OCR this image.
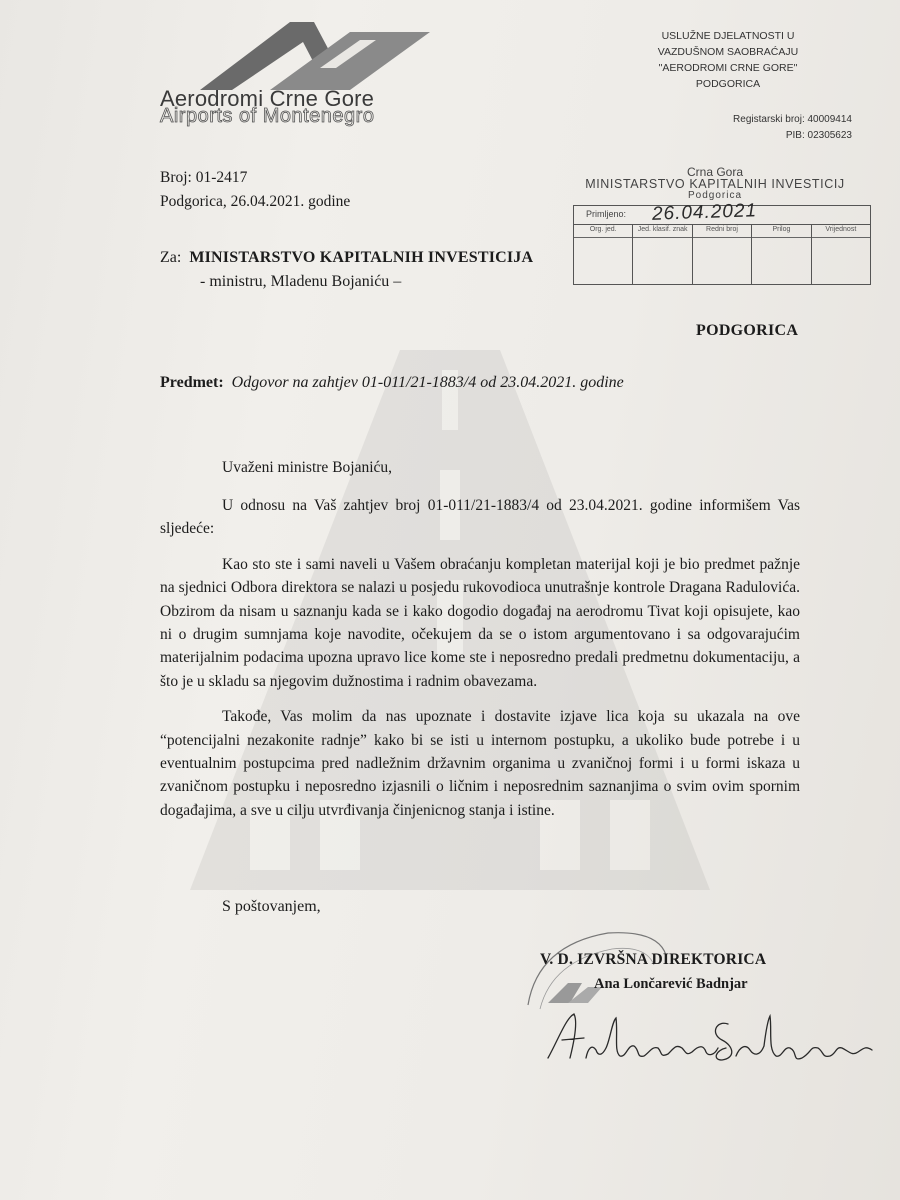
Aerodromi Crne Gore
Airports of Montenegro
USLUŽNE DJELATNOSTI U
VAZDUŠNOM SAOBRAĆAJU
"AERODROMI CRNE GORE"
PODGORICA
Registarski broj: 40009414
PIB: 02305623
Broj: 01-2417
Podgorica, 26.04.2021. godine
Crna Gora
MINISTARSTVO KAPITALNIH INVESTICIJ
Podgorica
Primljeno: 26.04.2021
Org. jed.	Jed. klasif. znak	Redni broj	Prilog	Vrijednost
Za: MINISTARSTVO KAPITALNIH INVESTICIJA
- ministru, Mladenu Bojaniću –
PODGORICA
Predmet: Odgovor na zahtjev 01-011/21-1883/4 od 23.04.2021. godine
Uvaženi ministre Bojaniću,

U odnosu na Vaš zahtjev broj 01-011/21-1883/4 od 23.04.2021. godine informišem Vas sljedeće:

Kao sto ste i sami naveli u Vašem obraćanju kompletan materijal koji je bio predmet pažnje na sjednici Odbora direktora se nalazi u posjedu rukovodioca unutrašnje kontrole Dragana Radulovića. Obzirom da nisam u saznanju kada se i kako dogodio događaj na aerodromu Tivat koji opisujete, kao ni o drugim sumnjama koje navodite, očekujem da se o istom argumentovano i sa odgovarajućim materijalnim podacima upozna upravo lice kome ste i neposredno predali predmetnu dokumentaciju, a što je u skladu sa njegovim dužnostima i radnim obavezama.

Takođe, Vas molim da nas upoznate i dostavite izjave lica koja su ukazala na ove “potencijalni nezakonite radnje” kako bi se isti u internom postupku, a ukoliko bude potrebe i u eventualnim postupcima pred nadležnim državnim organima u zvaničnoj formi i u formi iskaza u zvaničnom postupku i neposredno izjasnili o ličnim i neposrednim saznanjima o svim ovim spornim događajima, a sve u cilju utvrđivanja činjenicnog stanja i istine.

S poštovanjem,
V. D. IZVRŠNA DIREKTORICA
Ana Lončarević Badnjar
